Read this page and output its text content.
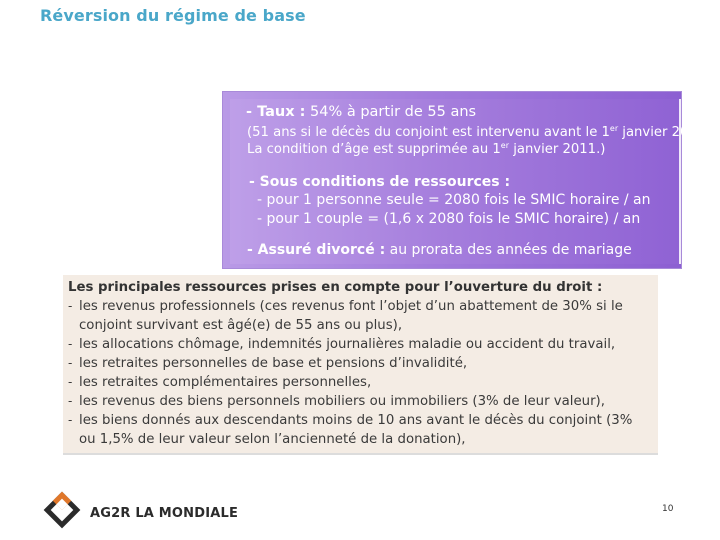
Réversion du régime de base
- Taux : 54% à partir de 55 ans
(51 ans si le décès du conjoint est intervenu avant le 1er janvier 2009.
La condition d’âge est supprimée au 1er janvier 2011.)
- Sous conditions de ressources :
- pour 1 personne seule = 2080 fois le SMIC horaire / an
- pour 1 couple = (1,6 x 2080 fois le SMIC horaire) / an
- Assuré divorcé : au prorata des années de mariage
Les principales ressources prises en compte pour l’ouverture du droit :
- les revenus professionnels (ces revenus font l’objet d’un abattement de 30% si le
conjoint survivant est âgé(e) de 55 ans ou plus),
- les allocations chômage, indemnités journalières maladie ou accident du travail,
- les retraites personnelles de base et pensions d’invalidité,
- les retraites complémentaires personnelles,
- les revenus des biens personnels mobiliers ou immobiliers (3% de leur valeur),
- les biens donnés aux descendants moins de 10 ans avant le décès du conjoint (3%
ou 1,5% de leur valeur selon l’ancienneté de la donation),
AG2R LA MONDIALE	10
